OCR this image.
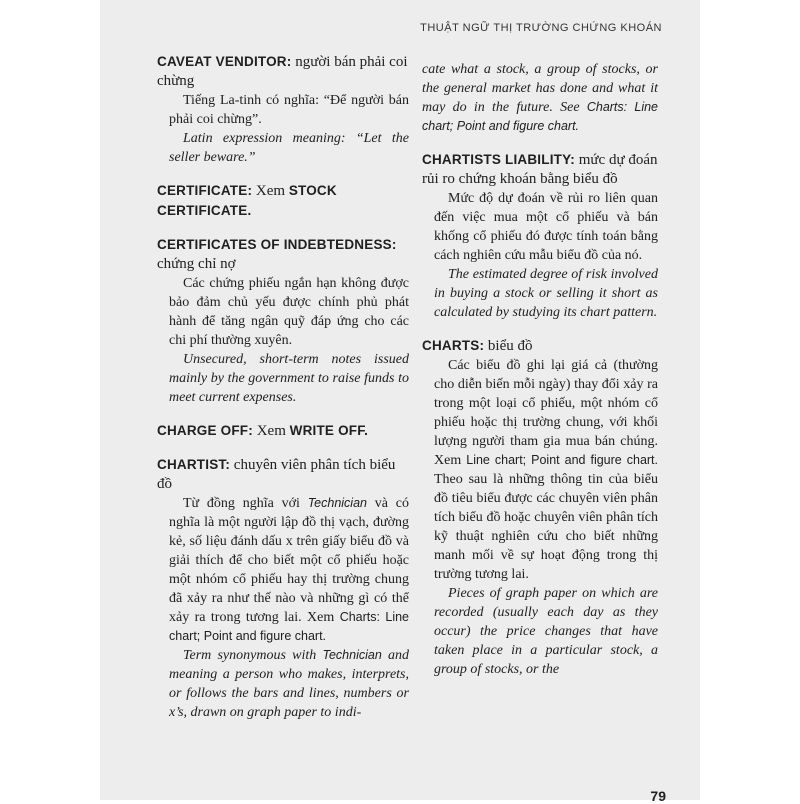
THUẬT NGỮ THỊ TRƯỜNG CHỨNG KHOÁN

CAVEAT VENDITOR: người bán phải coi chừng

Tiếng La-tinh có nghĩa: “Để người bán phải coi chừng”.

Latin expression meaning: “Let the seller beware.”

CERTIFICATE: Xem STOCK CERTIFICATE.

CERTIFICATES OF INDEBTEDNESS: chứng chỉ nợ

Các chứng phiếu ngắn hạn không được bảo đảm chủ yếu được chính phủ phát hành để tăng ngân quỹ đáp ứng cho các chi phí thường xuyên.

Unsecured, short-term notes issued mainly by the government to raise funds to meet current expenses.

CHARGE OFF: Xem WRITE OFF.

CHARTIST: chuyên viên phân tích biểu đồ

Từ đồng nghĩa với Technician và có nghĩa là một người lập đồ thị vạch, đường kẻ, số liệu đánh dấu x trên giấy biểu đồ và giải thích để cho biết một cổ phiếu hoặc một nhóm cổ phiếu hay thị trường chung đã xảy ra như thế nào và những gì có thể xảy ra trong tương lai. Xem Charts: Line chart; Point and figure chart.

Term synonymous with Technician and meaning a person who makes, interprets, or follows the bars and lines, numbers or x’s, drawn on graph paper to indi-

cate what a stock, a group of stocks, or the general market has done and what it may do in the future. See Charts: Line chart; Point and figure chart.

CHARTISTS LIABILITY: mức dự đoán rủi ro chứng khoán bằng biểu đồ

Mức độ dự đoán về rủi ro liên quan đến việc mua một cổ phiếu và bán khống cổ phiếu đó được tính toán bằng cách nghiên cứu mẫu biểu đồ của nó.

The estimated degree of risk involved in buying a stock or selling it short as calculated by studying its chart pattern.

CHARTS: biểu đồ

Các biểu đồ ghi lại giá cả (thường cho diễn biến mỗi ngày) thay đổi xảy ra trong một loại cổ phiếu, một nhóm cổ phiếu hoặc thị trường chung, với khối lượng người tham gia mua bán chúng. Xem Line chart; Point and figure chart. Theo sau là những thông tin của biểu đồ tiêu biểu được các chuyên viên phân tích biểu đồ hoặc chuyên viên phân tích kỹ thuật nghiên cứu cho biết những manh mối về sự hoạt động trong thị trường tương lai.

Pieces of graph paper on which are recorded (usually each day as they occur) the price changes that have taken place in a particular stock, a group of stocks, or the

79
